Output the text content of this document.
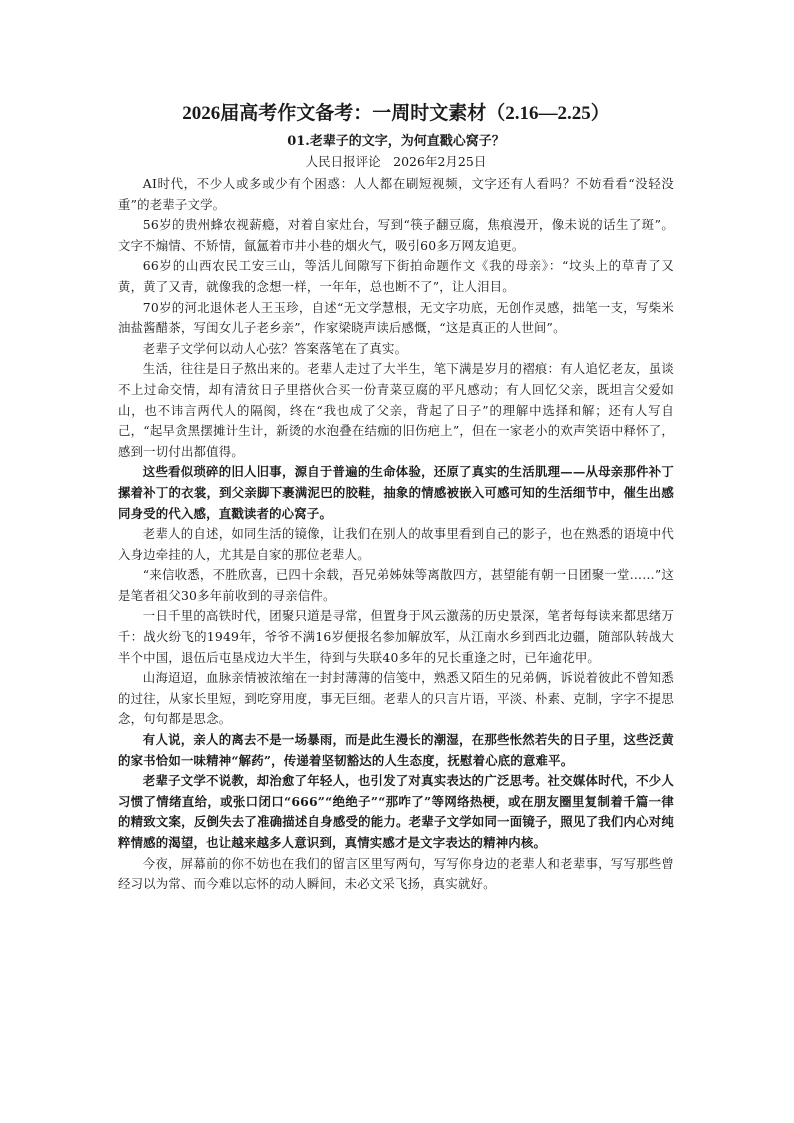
2026届高考作文备考：一周时文素材（2.16—2.25）

01.老辈子的文字，为何直戳心窝子？

人民日报评论　2026年2月25日

AI时代，不少人或多或少有个困惑：人人都在刷短视频，文字还有人看吗？不妨看看“没轻没重”的老辈子文学。

56岁的贵州蜂农视薪瘾，对着自家灶台，写到“筷子翻豆腐，焦痕漫开，像未说的话生了斑”。文字不煽情、不矫情，氤氲着市井小巷的烟火气，吸引60多万网友追更。

66岁的山西农民工安三山，等活儿间隙写下街拍命题作文《我的母亲》：“坟头上的草青了又黄，黄了又青，就像我的念想一样，一年年，总也断不了”，让人泪目。

70岁的河北退休老人王玉珍，自述“无文学慧根，无文字功底，无创作灵感，拙笔一支，写柴米油盐酱醋茶，写闺女儿子老乡亲”，作家梁晓声读后感慨，“这是真正的人世间”。

老辈子文学何以动人心弦？答案落笔在了真实。

生活，往往是日子熬出来的。老辈人走过了大半生，笔下满是岁月的褶痕：有人追忆老友，虽谈不上过命交情，却有清贫日子里搭伙合买一份青菜豆腐的平凡感动；有人回忆父亲，既坦言父爱如山，也不讳言两代人的隔阂，终在“我也成了父亲，背起了日子”的理解中选择和解；还有人写自己，“起早贪黑摆摊计生计，新烫的水泡叠在结痂的旧伤疤上”，但在一家老小的欢声笑语中释怀了，感到一切付出都值得。

这些看似琐碎的旧人旧事，源自于普遍的生命体验，还原了真实的生活肌理——从母亲那件补丁摞着补丁的衣裳，到父亲脚下裹满泥巴的胶鞋，抽象的情感被嵌入可感可知的生活细节中，催生出感同身受的代入感，直戳读者的心窝子。

老辈人的自述，如同生活的镜像，让我们在别人的故事里看到自己的影子，也在熟悉的语境中代入身边牵挂的人，尤其是自家的那位老辈人。

“来信收悉，不胜欣喜，已四十余载，吾兄弟姊妹等离散四方，甚望能有朝一日团聚一堂……”这是笔者祖父30多年前收到的寻亲信件。

一日千里的高铁时代，团聚只道是寻常，但置身于风云激荡的历史景深，笔者每每读来都思绪万千：战火纷飞的1949年，爷爷不满16岁便报名参加解放军，从江南水乡到西北边疆，随部队转战大半个中国，退伍后屯垦戍边大半生，待到与失联40多年的兄长重逢之时，已年逾花甲。

山海迢迢，血脉亲情被浓缩在一封封薄薄的信笺中，熟悉又陌生的兄弟俩，诉说着彼此不曾知悉的过往，从家长里短，到吃穿用度，事无巨细。老辈人的只言片语，平淡、朴素、克制，字字不提思念，句句都是思念。

有人说，亲人的离去不是一场暴雨，而是此生漫长的潮湿，在那些怅然若失的日子里，这些泛黄的家书恰如一味精神“解药”，传递着坚韧豁达的人生态度，抚慰着心底的意难平。

老辈子文学不说教，却治愈了年轻人，也引发了对真实表达的广泛思考。社交媒体时代，不少人习惯了情绪直给，或张口闭口“666”“绝绝子”“那咋了”等网络热梗，或在朋友圈里复制着千篇一律的精致文案，反倒失去了准确描述自身感受的能力。老辈子文学如同一面镜子，照见了我们内心对纯粹情感的渴望，也让越来越多人意识到，真情实感才是文字表达的精神内核。

今夜，屏幕前的你不妨也在我们的留言区里写两句，写写你身边的老辈人和老辈事，写写那些曾经习以为常、而今难以忘怀的动人瞬间，未必文采飞扬，真实就好。
